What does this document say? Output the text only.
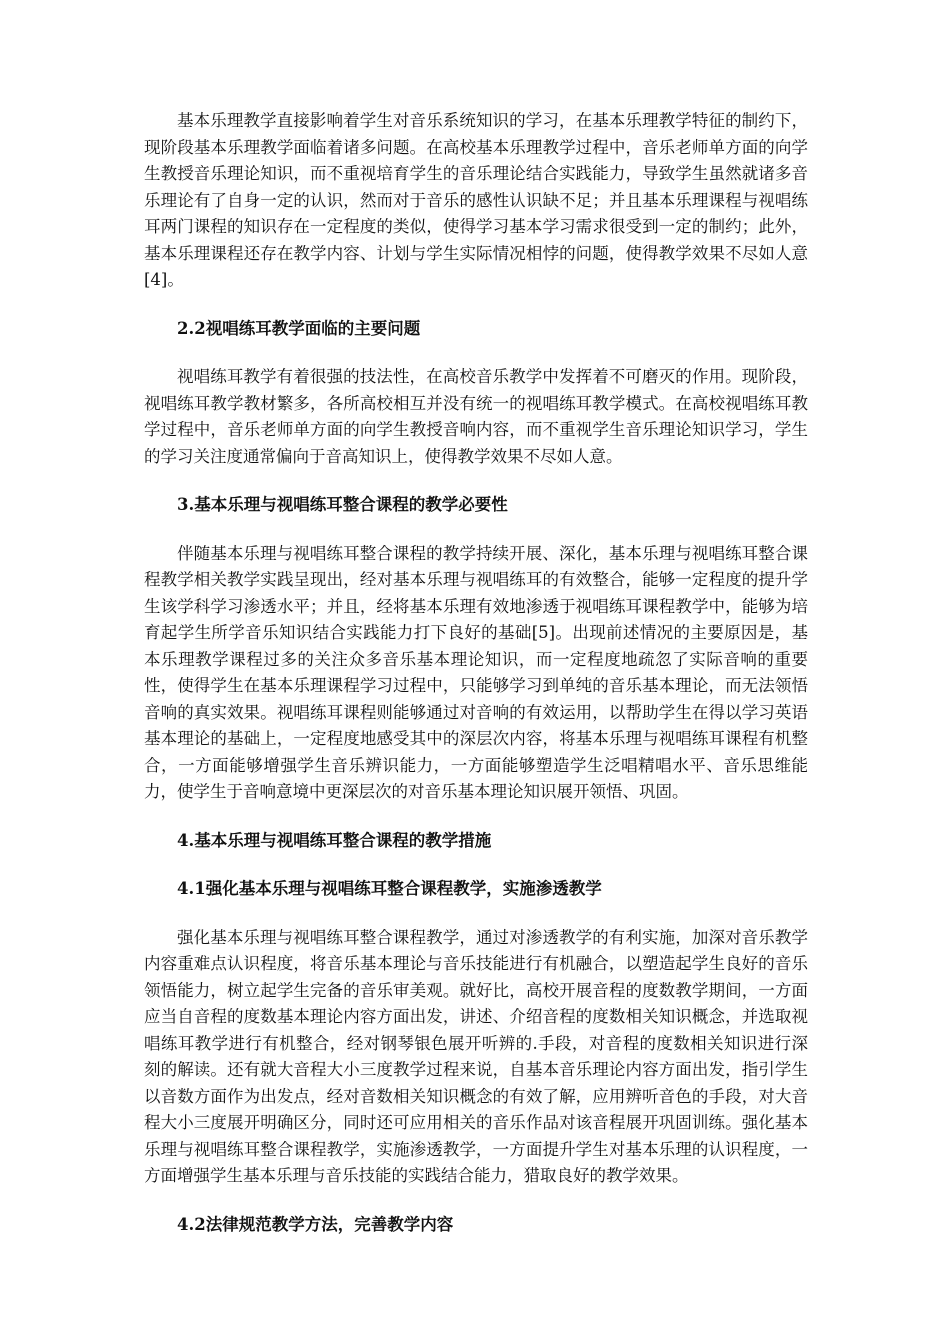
基本乐理教学直接影响着学生对音乐系统知识的学习，在基本乐理教学特征的制约下，现阶段基本乐理教学面临着诸多问题。在高校基本乐理教学过程中，音乐老师单方面的向学生教授音乐理论知识，而不重视培育学生的音乐理论结合实践能力，导致学生虽然就诸多音乐理论有了自身一定的认识，然而对于音乐的感性认识缺不足；并且基本乐理课程与视唱练耳两门课程的知识存在一定程度的类似，使得学习基本学习需求很受到一定的制约；此外，基本乐理课程还存在教学内容、计划与学生实际情况相悖的问题，使得教学效果不尽如人意[4]。

2.2视唱练耳教学面临的主要问题

视唱练耳教学有着很强的技法性，在高校音乐教学中发挥着不可磨灭的作用。现阶段，视唱练耳教学教材繁多，各所高校相互并没有统一的视唱练耳教学模式。在高校视唱练耳教学过程中，音乐老师单方面的向学生教授音响内容，而不重视学生音乐理论知识学习，学生的学习关注度通常偏向于音高知识上，使得教学效果不尽如人意。

3.基本乐理与视唱练耳整合课程的教学必要性

伴随基本乐理与视唱练耳整合课程的教学持续开展、深化，基本乐理与视唱练耳整合课程教学相关教学实践呈现出，经对基本乐理与视唱练耳的有效整合，能够一定程度的提升学生该学科学习渗透水平；并且，经将基本乐理有效地渗透于视唱练耳课程教学中，能够为培育起学生所学音乐知识结合实践能力打下良好的基础[5]。出现前述情况的主要原因是，基本乐理教学课程过多的关注众多音乐基本理论知识，而一定程度地疏忽了实际音响的重要性，使得学生在基本乐理课程学习过程中，只能够学习到单纯的音乐基本理论，而无法领悟音响的真实效果。视唱练耳课程则能够通过对音响的有效运用，以帮助学生在得以学习英语基本理论的基础上，一定程度地感受其中的深层次内容，将基本乐理与视唱练耳课程有机整合，一方面能够增强学生音乐辨识能力，一方面能够塑造学生泛唱精唱水平、音乐思维能力，使学生于音响意境中更深层次的对音乐基本理论知识展开领悟、巩固。

4.基本乐理与视唱练耳整合课程的教学措施

4.1强化基本乐理与视唱练耳整合课程教学，实施渗透教学

强化基本乐理与视唱练耳整合课程教学，通过对渗透教学的有利实施，加深对音乐教学内容重难点认识程度，将音乐基本理论与音乐技能进行有机融合，以塑造起学生良好的音乐领悟能力，树立起学生完备的音乐审美观。就好比，高校开展音程的度数教学期间，一方面应当自音程的度数基本理论内容方面出发，讲述、介绍音程的度数相关知识概念，并选取视唱练耳教学进行有机整合，经对钢琴银色展开听辨的.手段，对音程的度数相关知识进行深刻的解读。还有就大音程大小三度教学过程来说，自基本音乐理论内容方面出发，指引学生以音数方面作为出发点，经对音数相关知识概念的有效了解，应用辨听音色的手段，对大音程大小三度展开明确区分，同时还可应用相关的音乐作品对该音程展开巩固训练。强化基本乐理与视唱练耳整合课程教学，实施渗透教学，一方面提升学生对基本乐理的认识程度，一方面增强学生基本乐理与音乐技能的实践结合能力，猎取良好的教学效果。

4.2法律规范教学方法，完善教学内容
